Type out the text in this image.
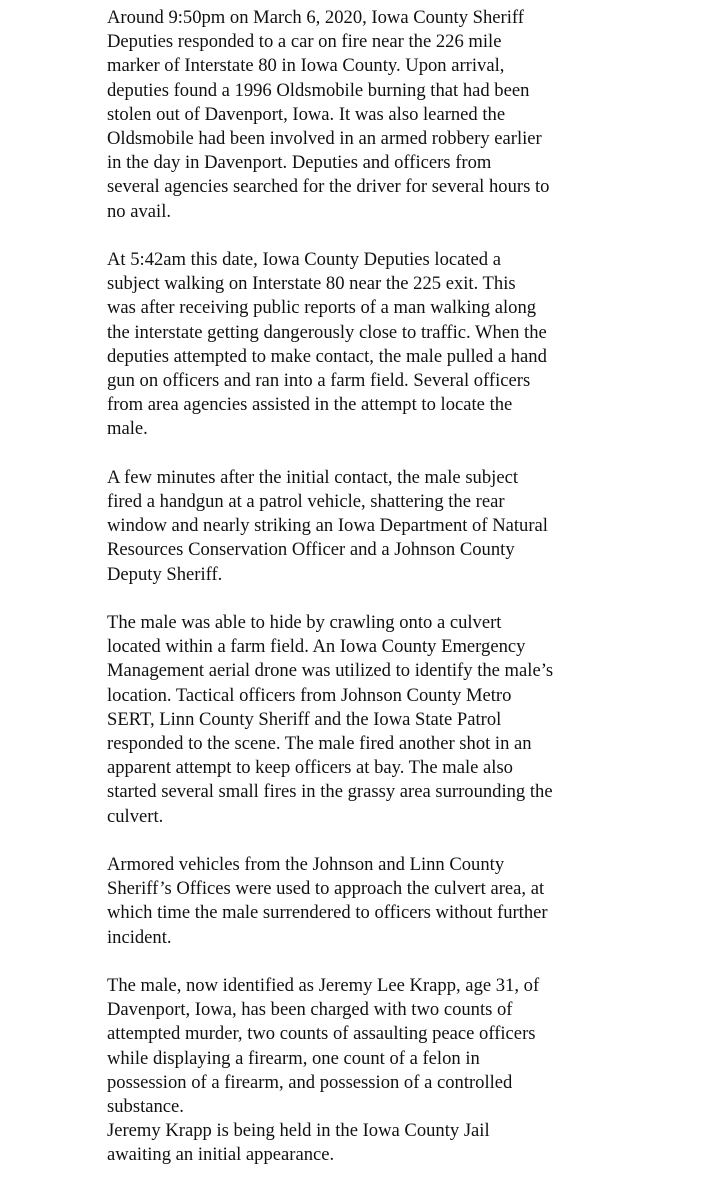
Around 9:50pm on March 6, 2020, Iowa County Sheriff
Deputies responded to a car on fire near the 226 mile
marker of Interstate 80 in Iowa County. Upon arrival,
deputies found a 1996 Oldsmobile burning that had been
stolen out of Davenport, Iowa. It was also learned the
Oldsmobile had been involved in an armed robbery earlier
in the day in Davenport. Deputies and officers from
several agencies searched for the driver for several hours to
no avail.

At 5:42am this date, Iowa County Deputies located a
subject walking on Interstate 80 near the 225 exit. This
was after receiving public reports of a man walking along
the interstate getting dangerously close to traffic. When the
deputies attempted to make contact, the male pulled a hand
gun on officers and ran into a farm field. Several officers
from area agencies assisted in the attempt to locate the
male.

A few minutes after the initial contact, the male subject
fired a handgun at a patrol vehicle, shattering the rear
window and nearly striking an Iowa Department of Natural
Resources Conservation Officer and a Johnson County
Deputy Sheriff.

The male was able to hide by crawling onto a culvert
located within a farm field. An Iowa County Emergency
Management aerial drone was utilized to identify the male’s
location. Tactical officers from Johnson County Metro
SERT, Linn County Sheriff and the Iowa State Patrol
responded to the scene. The male fired another shot in an
apparent attempt to keep officers at bay. The male also
started several small fires in the grassy area surrounding the
culvert.

Armored vehicles from the Johnson and Linn County
Sheriff’s Offices were used to approach the culvert area, at
which time the male surrendered to officers without further
incident.

The male, now identified as Jeremy Lee Krapp, age 31, of
Davenport, Iowa, has been charged with two counts of
attempted murder, two counts of assaulting peace officers
while displaying a firearm, one count of a felon in
possession of a firearm, and possession of a controlled
substance.

Jeremy Krapp is being held in the Iowa County Jail
awaiting an initial appearance.
